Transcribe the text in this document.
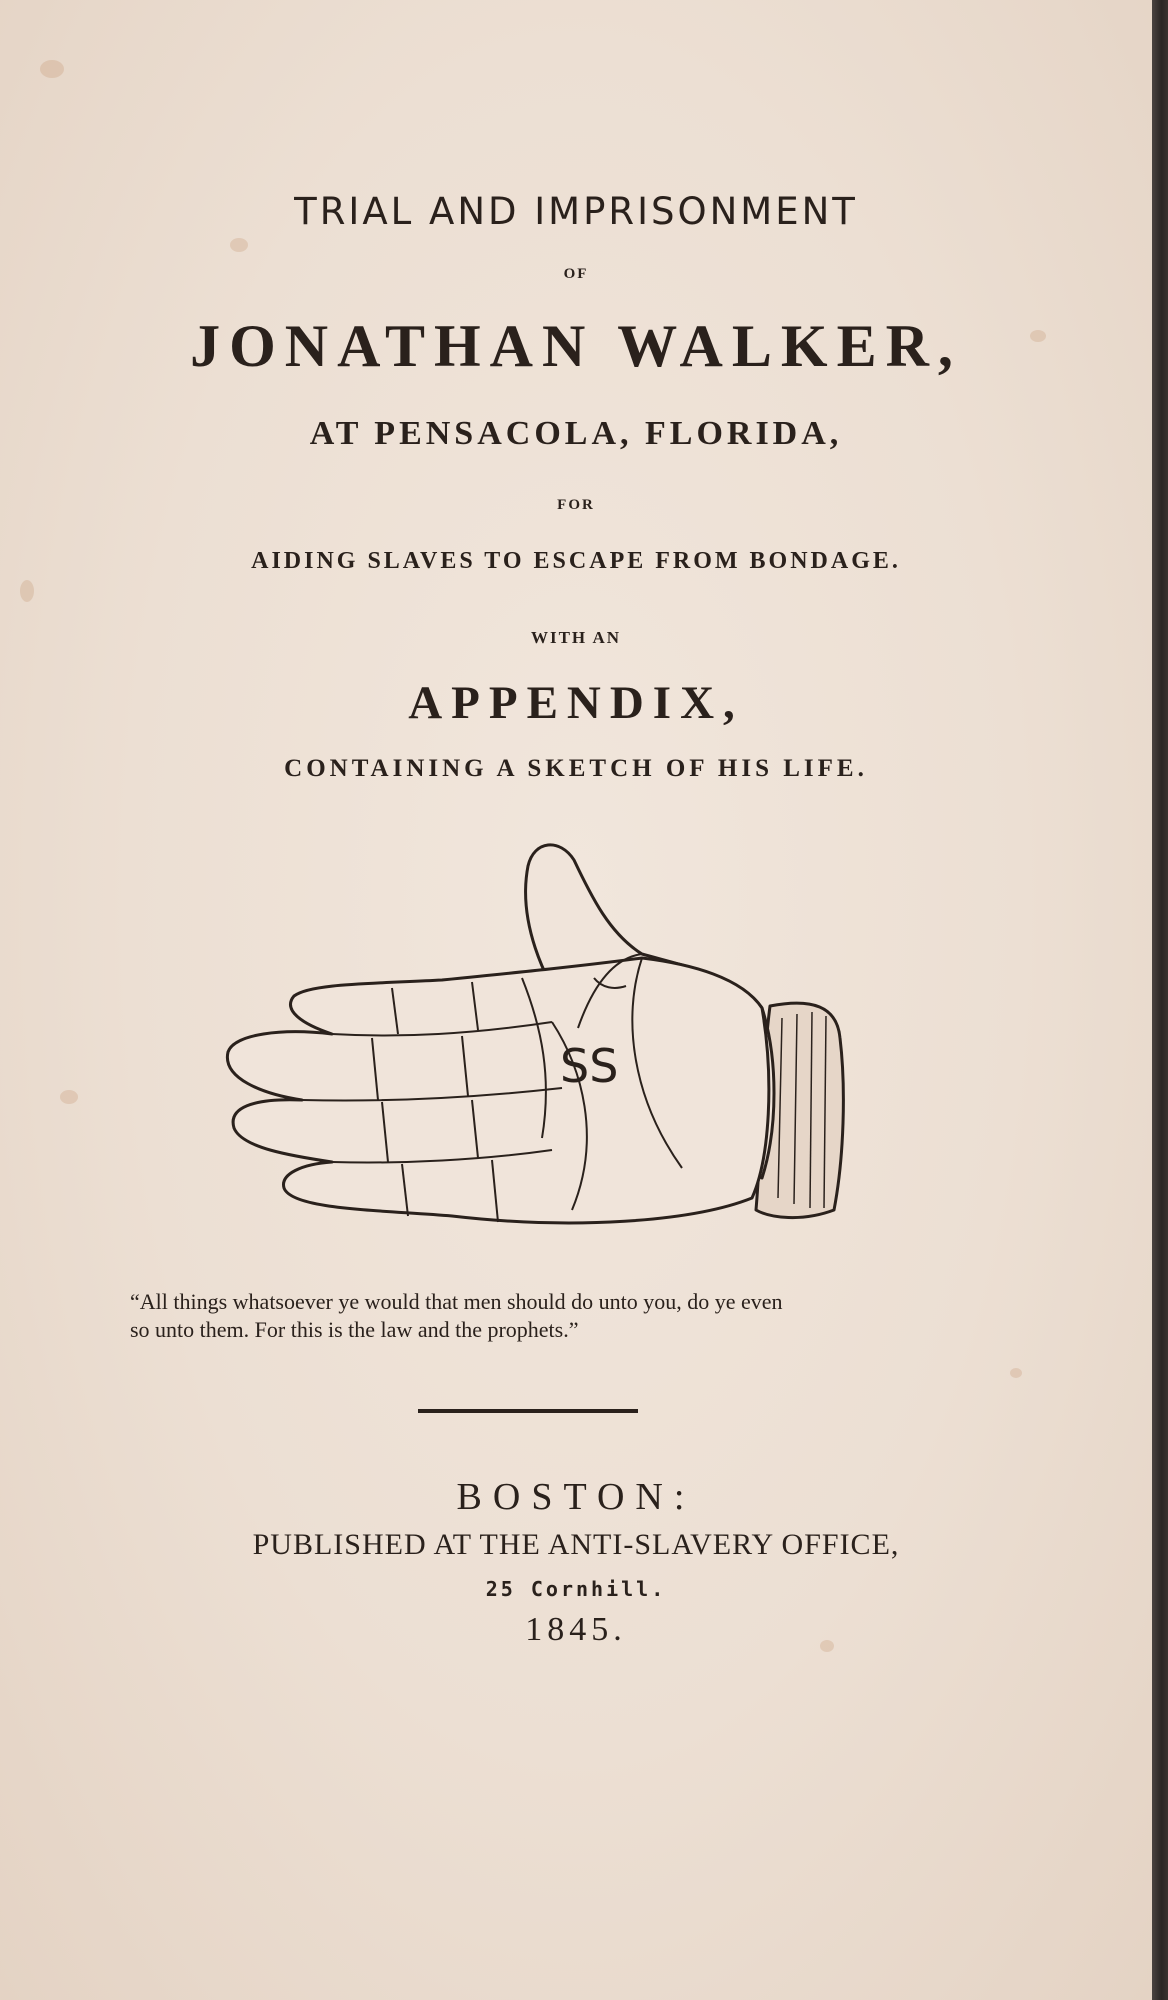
TRIAL AND IMPRISONMENT
OF
JONATHAN WALKER,
AT PENSACOLA, FLORIDA,
FOR
AIDING SLAVES TO ESCAPE FROM BONDAGE.
WITH AN
APPENDIX,
CONTAINING A SKETCH OF HIS LIFE.
SS
“All things whatsoever ye would that men should do unto you, do ye even
so unto them. For this is the law and the prophets.”
BOSTON:
PUBLISHED AT THE ANTI-SLAVERY OFFICE,
25 Cornhill.
1845.
